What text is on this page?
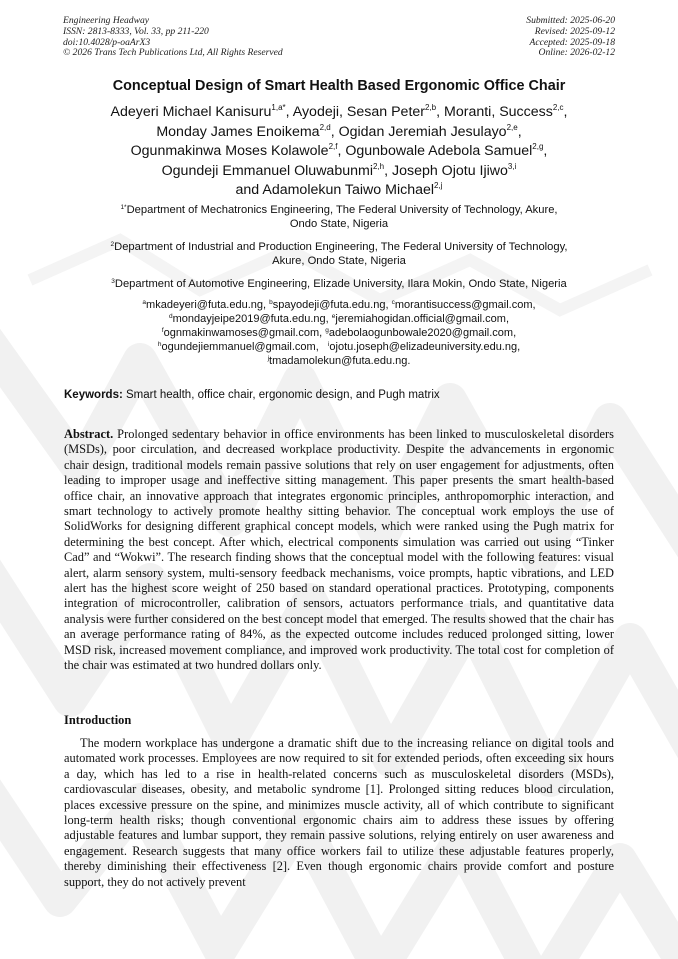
Engineering Headway
ISSN: 2813-8333, Vol. 33, pp 211-220
doi:10.4028/p-oaArX3
© 2026 Trans Tech Publications Ltd, All Rights Reserved
Submitted: 2025-06-20
Revised: 2025-09-12
Accepted: 2025-09-18
Online: 2026-02-12
Conceptual Design of Smart Health Based Ergonomic Office Chair
Adeyeri Michael Kanisuru$^{1,a*}$, Ayodeji, Sesan Peter$^{2,b}$, Moranti, Success$^{2,c}$,
Monday James Enoikema$^{2,d}$, Ogidan Jeremiah Jesulayo$^{2,e}$,
Ogunmakinwa Moses Kolawole$^{2,f}$, Ogunbowale Adebola Samuel$^{2,g}$,
Ogundeji Emmanuel Oluwabunmi$^{2,h}$, Joseph Ojotu Ijiwo$^{3,i}$
and Adamolekun Taiwo Michael$^{2,j}$
$^{1*}$Department of Mechatronics Engineering, The Federal University of Technology, Akure,
Ondo State, Nigeria
$^2$Department of Industrial and Production Engineering, The Federal University of Technology,
Akure, Ondo State, Nigeria
$^3$Department of Automotive Engineering, Elizade University, Ilara Mokin, Ondo State, Nigeria
$^a$mkadeyeri@futa.edu.ng, $^b$spayodeji@futa.edu.ng, $^c$morantisuccess@gmail.com,
$^d$mondayjeipe2019@futa.edu.ng, $^e$jeremiahogidan.official@gmail.com,
$^f$ognmakinwamoses@gmail.com, $^g$adebolaogunbowale2020@gmail.com,
$^h$ogundejiemmanuel@gmail.com, $^i$ojotu.joseph@elizadeuniversity.edu.ng,
$^j$tmadamolekun@futa.edu.ng.
Keywords: Smart health, office chair, ergonomic design, and Pugh matrix
Abstract. Prolonged sedentary behavior in office environments has been linked to musculoskeletal disorders (MSDs), poor circulation, and decreased workplace productivity. Despite the advancements in ergonomic chair design, traditional models remain passive solutions that rely on user engagement for adjustments, often leading to improper usage and ineffective sitting management. This paper presents the smart health-based office chair, an innovative approach that integrates ergonomic principles, anthropomorphic interaction, and smart technology to actively promote healthy sitting behavior. The conceptual work employs the use of SolidWorks for designing different graphical concept models, which were ranked using the Pugh matrix for determining the best concept. After which, electrical components simulation was carried out using “Tinker Cad” and “Wokwi”. The research finding shows that the conceptual model with the following features: visual alert, alarm sensory system, multi-sensory feedback mechanisms, voice prompts, haptic vibrations, and LED alert has the highest score weight of 250 based on standard operational practices. Prototyping, components integration of microcontroller, calibration of sensors, actuators performance trials, and quantitative data analysis were further considered on the best concept model that emerged. The results showed that the chair has an average performance rating of 84%, as the expected outcome includes reduced prolonged sitting, lower MSD risk, increased movement compliance, and improved work productivity. The total cost for completion of the chair was estimated at two hundred dollars only.
Introduction
The modern workplace has undergone a dramatic shift due to the increasing reliance on digital tools and automated work processes. Employees are now required to sit for extended periods, often exceeding six hours a day, which has led to a rise in health-related concerns such as musculoskeletal disorders (MSDs), cardiovascular diseases, obesity, and metabolic syndrome [1]. Prolonged sitting reduces blood circulation, places excessive pressure on the spine, and minimizes muscle activity, all of which contribute to significant long-term health risks; though conventional ergonomic chairs aim to address these issues by offering adjustable features and lumbar support, they remain passive solutions, relying entirely on user awareness and engagement. Research suggests that many office workers fail to utilize these adjustable features properly, thereby diminishing their effectiveness [2]. Even though ergonomic chairs provide comfort and posture support, they do not actively prevent
